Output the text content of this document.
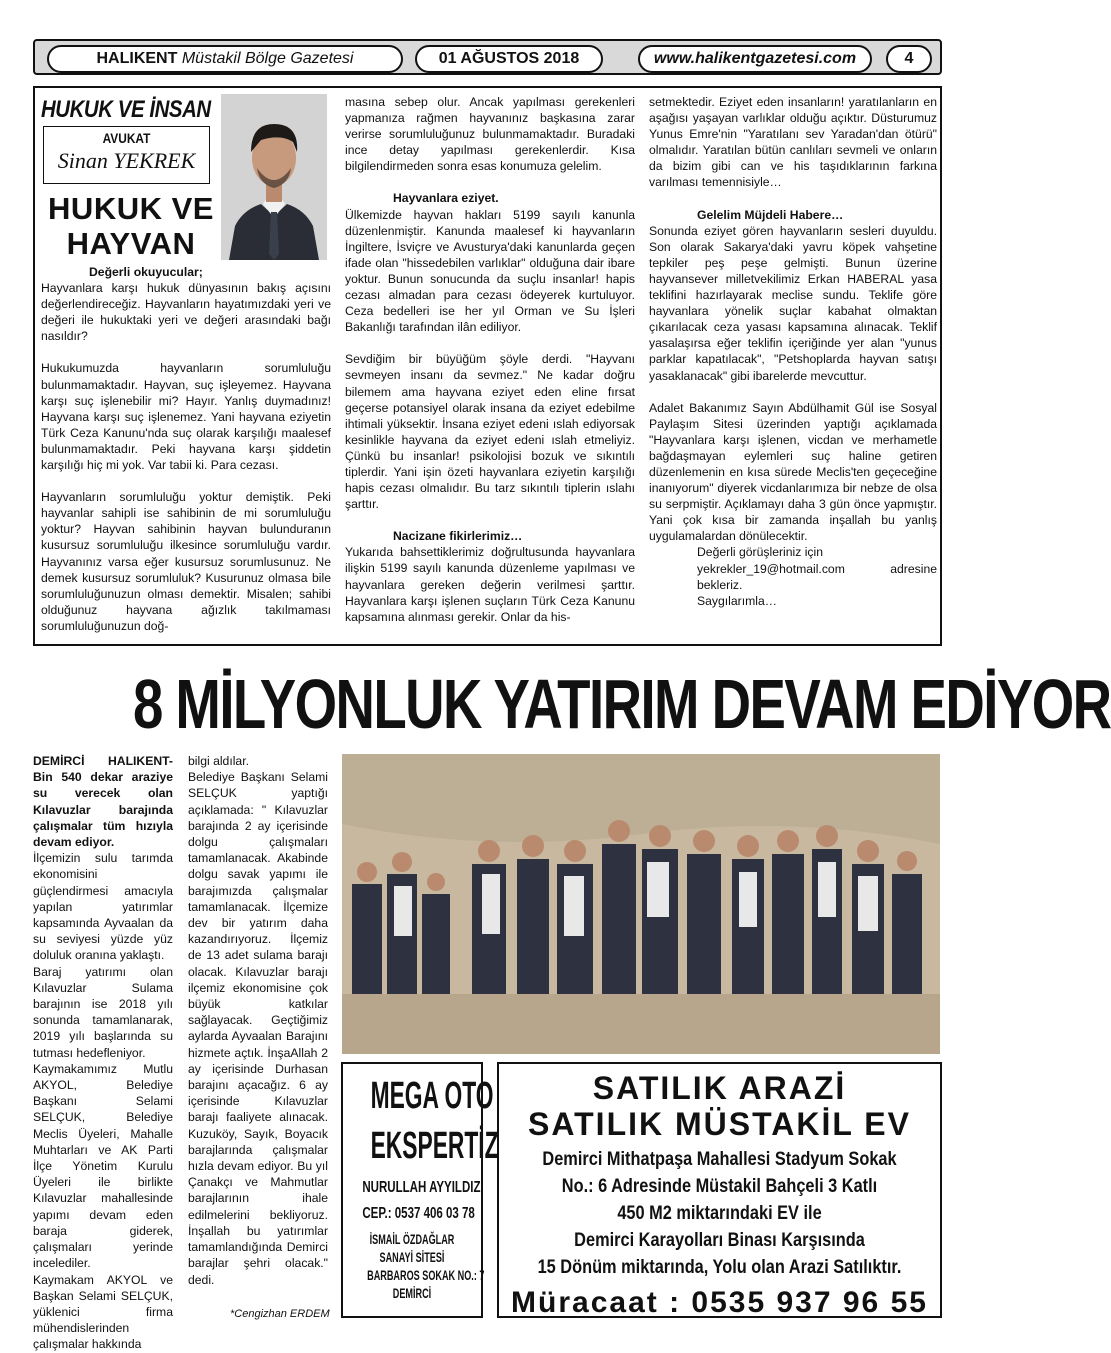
HALIKENT
Müstakil Bölge Gazetesi	01 AĞUSTOS 2018	www.halikentgazetesi.com	4
HUKUK VE İNSAN
AVUKAT
Sinan YEKREK
HUKUK VE
HAYVAN

Değerli okuyucular;

Hayvanlara karşı hukuk dünyasının bakış açısını değerlendireceğiz. Hayvanların hayatımızdaki yeri ve değeri ile hukuktaki yeri ve değeri arasındaki bağı nasıldır?

Hukukumuzda hayvanların sorumluluğu bulunmamaktadır. Hayvan, suç işleyemez. Hayvana karşı suç işlenebilir mi? Hayır. Yanlış duymadınız! Hayvana karşı suç işlenemez. Yani hayvana eziyetin Türk Ceza Kanunu'nda suç olarak karşılığı maalesef bulunmamaktadır. Peki hayvana karşı şiddetin karşılığı hiç mi yok. Var tabii ki. Para cezası.

Hayvanların sorumluluğu yoktur demiştik. Peki hayvanlar sahipli ise sahibinin de mi sorumluluğu yoktur? Hayvan sahibinin hayvan bulunduranın kusursuz sorumluluğu ilkesince sorumluluğu vardır. Hayvanınız varsa eğer kusursuz sorumlusunuz. Ne demek kusursuz sorumluluk? Kusurunuz olmasa bile sorumluluğunuzun olması demektir. Misalen; sahibi olduğunuz hayvana ağızlık takılmaması sorumluluğunuzun doğ-

masına sebep olur. Ancak yapılması gerekenleri yapmanıza rağmen hayvanınız başkasına zarar verirse sorumluluğunuz bulunmamaktadır. Buradaki ince detay yapılması gerekenlerdir. Kısa bilgilendirmeden sonra esas konumuza gelelim.

Hayvanlara eziyet.

Ülkemizde hayvan hakları 5199 sayılı kanunla düzenlenmiştir. Kanunda maalesef ki hayvanların İngiltere, İsviçre ve Avusturya'daki kanunlarda geçen ifade olan "hissedebilen varlıklar" olduğuna dair ibare yoktur. Bunun sonucunda da suçlu insanlar! hapis cezası almadan para cezası ödeyerek kurtuluyor. Ceza bedelleri ise her yıl Orman ve Su İşleri Bakanlığı tarafından ilân ediliyor.

Sevdiğim bir büyüğüm şöyle derdi. "Hayvanı sevmeyen insanı da sevmez." Ne kadar doğru bilemem ama hayvana eziyet eden eline fırsat geçerse potansiyel olarak insana da eziyet edebilme ihtimali yüksektir. İnsana eziyet edeni ıslah ediyorsak kesinlikle hayvana da eziyet edeni ıslah etmeliyiz. Çünkü bu insanlar! psikolojisi bozuk ve sıkıntılı tiplerdir. Yani işin özeti hayvanlara eziyetin karşılığı hapis cezası olmalıdır. Bu tarz sıkıntılı tiplerin ıslahı şarttır.

Nacizane fikirlerimiz…

Yukarıda bahsettiklerimiz doğrultusunda hayvanlara ilişkin 5199 sayılı kanunda düzenleme yapılması ve hayvanlara gereken değerin verilmesi şarttır. Hayvanlara karşı işlenen suçların Türk Ceza Kanunu kapsamına alınması gerekir. Onlar da his-

setmektedir. Eziyet eden insanların! yaratılanların en aşağısı yaşayan varlıklar olduğu açıktır. Düsturumuz Yunus Emre'nin "Yaratılanı sev Yaradan'dan ötürü" olmalıdır. Yaratılan bütün canlıları sevmeli ve onların da bizim gibi can ve his taşıdıklarının farkına varılması temennisiyle…

Gelelim Müjdeli Habere…

Sonunda eziyet gören hayvanların sesleri duyuldu. Son olarak Sakarya'daki yavru köpek vahşetine tepkiler peş peşe gelmişti. Bunun üzerine hayvansever milletvekilimiz Erkan HABERAL yasa teklifini hazırlayarak meclise sundu. Teklife göre hayvanlara yönelik suçlar kabahat olmaktan çıkarılacak ceza yasası kapsamına alınacak. Teklif yasalaşırsa eğer teklifin içeriğinde yer alan "yunus parklar kapatılacak", "Petshoplarda hayvan satışı yasaklanacak" gibi ibarelerde mevcuttur.

Adalet Bakanımız Sayın Abdülhamit Gül ise Sosyal Paylaşım Sitesi üzerinden yaptığı açıklamada "Hayvanlara karşı işlenen, vicdan ve merhametle bağdaşmayan eylemleri suç haline getiren düzenlemenin en kısa sürede Meclis'ten geçeceğine inanıyorum" diyerek vicdanlarımıza bir nebze de olsa su serpmiştir. Açıklamayı daha 3 gün önce yapmıştır. Yani çok kısa bir zamanda inşallah bu yanlış uygulamalardan dönülecektir.

Değerli görüşleriniz için

yekrekler_19@hotmail.com adresine bekleriz.

Saygılarımla…

8 MİLYONLUK YATIRIM DEVAM EDİYOR

DEMİRCİ HALIKENT- Bin 540 dekar araziye su verecek olan Kılavuzlar barajında çalışmalar tüm hızıyla devam ediyor.

İlçemizin sulu tarımda ekonomisini güçlendirmesi amacıyla yapılan yatırımlar kapsamında Ayvaalan da su seviyesi yüzde yüz doluluk oranına yaklaştı.

Baraj yatırımı olan Kılavuzlar Sulama barajının ise 2018 yılı sonunda tamamlanarak, 2019 yılı başlarında su tutması hedefleniyor.

Kaymakamımız Mutlu AKYOL, Belediye Başkanı Selami SELÇUK, Belediye Meclis Üyeleri, Mahalle Muhtarları ve AK Parti İlçe Yönetim Kurulu Üyeleri ile birlikte Kılavuzlar mahallesinde yapımı devam eden baraja giderek, çalışmaları yerinde incelediler.

Kaymakam AKYOL ve Başkan Selami SELÇUK, yüklenici firma mühendislerinden çalışmalar hakkında

bilgi aldılar.

Belediye Başkanı Selami SELÇUK yaptığı açıklamada: " Kılavuzlar barajında 2 ay içerisinde dolgu çalışmaları tamamlanacak. Akabinde dolgu savak yapımı ile barajımızda çalışmalar tamamlanacak. İlçemize dev bir yatırım daha kazandırıyoruz. İlçemiz de 13 adet sulama barajı olacak. Kılavuzlar barajı ilçemiz ekonomisine çok büyük katkılar sağlayacak. Geçtiğimiz aylarda Ayvaalan Barajını hizmete açtık. İnşaAllah 2 ay içerisinde Durhasan barajını açacağız. 6 ay içerisinde Kılavuzlar barajı faaliyete alınacak. Kuzuköy, Sayık, Boyacık barajlarında çalışmalar hızla devam ediyor. Bu yıl Çanakçı ve Mahmutlar barajlarının ihale edilmelerini bekliyoruz. İnşallah bu yatırımlar tamamlandığında Demirci barajlar şehri olacak." dedi.

*Cengizhan ERDEM
MEGA OTO
EKSPERTİZ
NURULLAH AYYILDIZ
CEP.: 0537 406 03 78
İSMAİL ÖZDAĞLAR
SANAYİ SİTESİ
BARBAROS SOKAK NO.: 7
DEMİRCİ
SATILIK ARAZİ
SATILIK MÜSTAKİL EV
Demirci Mithatpaşa Mahallesi Stadyum Sokak
No.: 6 Adresinde Müstakil Bahçeli 3 Katlı
450 M2 miktarındaki EV ile
Demirci Karayolları Binası Karşısında
15 Dönüm miktarında, Yolu olan Arazi Satılıktır.
Müracaat : 0535 937 96 55
